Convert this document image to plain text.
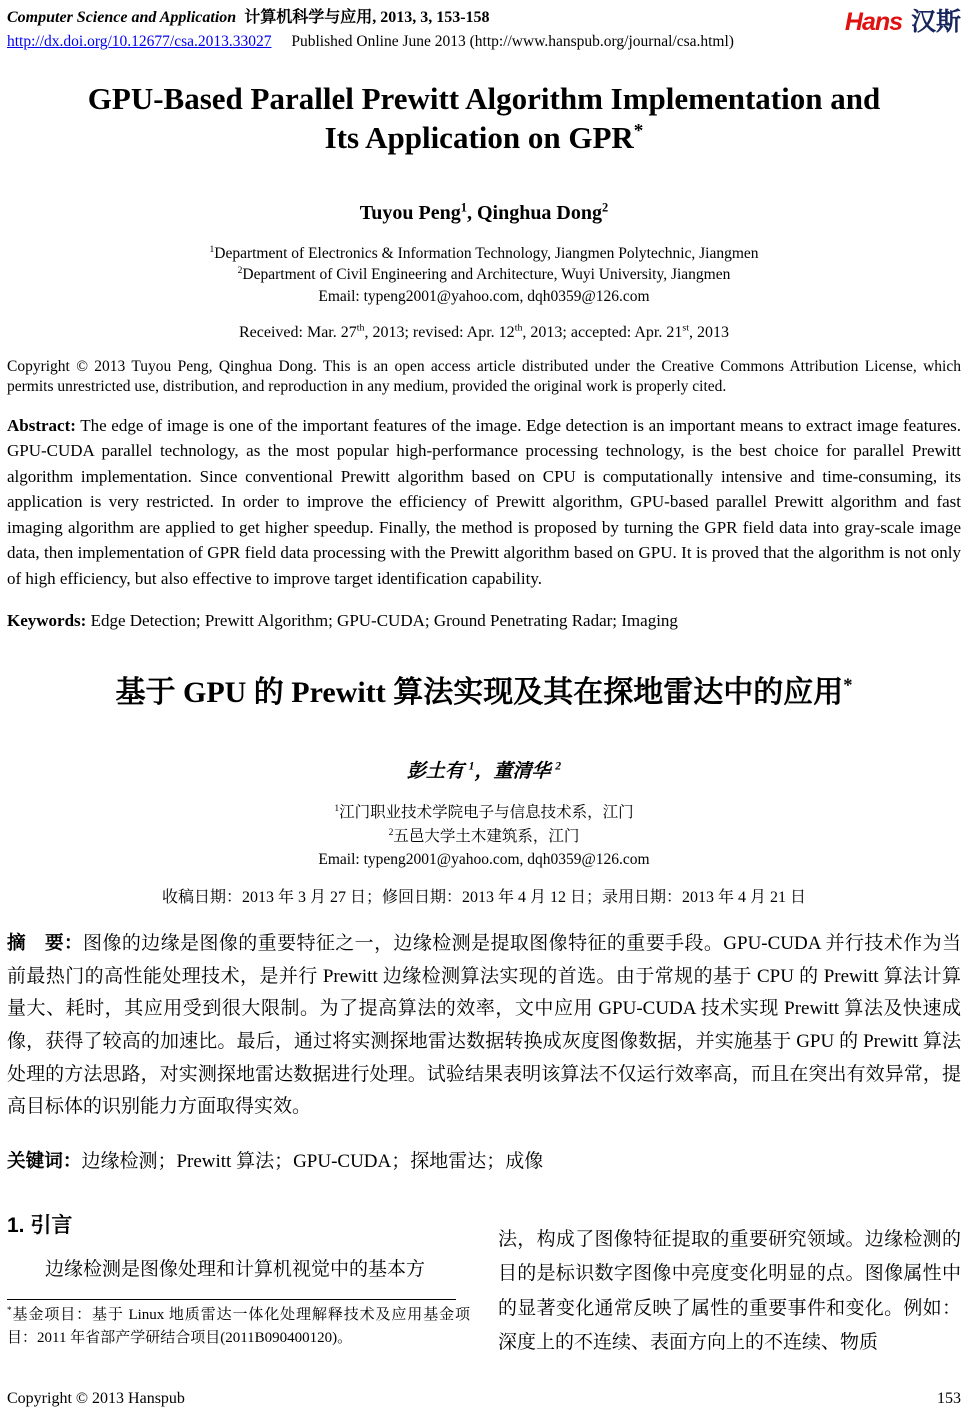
Computer Science and Application 计算机科学与应用, 2013, 3, 153-158
http://dx.doi.org/10.12677/csa.2013.33027 Published Online June 2013 (http://www.hanspub.org/journal/csa.html)
Hans 汉斯
GPU-Based Parallel Prewitt Algorithm Implementation and
Its Application on GPR*
Tuyou Peng$^1$, Qinghua Dong$^2$
$^1$Department of Electronics & Information Technology, Jiangmen Polytechnic, Jiangmen
$^2$Department of Civil Engineering and Architecture, Wuyi University, Jiangmen
Email: typeng2001@yahoo.com, dqh0359@126.com
Received: Mar. 27th, 2013; revised: Apr. 12th, 2013; accepted: Apr. 21st, 2013
Copyright © 2013 Tuyou Peng, Qinghua Dong. This is an open access article distributed under the Creative Commons Attribution License, which permits unrestricted use, distribution, and reproduction in any medium, provided the original work is properly cited.
Abstract: The edge of image is one of the important features of the image. Edge detection is an important means to extract image features. GPU-CUDA parallel technology, as the most popular high-performance processing technology, is the best choice for parallel Prewitt algorithm implementation. Since conventional Prewitt algorithm based on CPU is computationally intensive and time-consuming, its application is very restricted. In order to improve the efficiency of Prewitt algorithm, GPU-based parallel Prewitt algorithm and fast imaging algorithm are applied to get higher speedup. Finally, the method is proposed by turning the GPR field data into gray-scale image data, then implementation of GPR field data processing with the Prewitt algorithm based on GPU. It is proved that the algorithm is not only of high efficiency, but also effective to improve target identification capability.
Keywords: Edge Detection; Prewitt Algorithm; GPU-CUDA; Ground Penetrating Radar; Imaging
基于 GPU 的 Prewitt 算法实现及其在探地雷达中的应用*
彭土有 $^1$，董清华 $^2$
$^1$江门职业技术学院电子与信息技术系，江门
$^2$五邑大学土木建筑系，江门
Email: typeng2001@yahoo.com, dqh0359@126.com
收稿日期：2013 年 3 月 27 日；修回日期：2013 年 4 月 12 日；录用日期：2013 年 4 月 21 日
摘　要：图像的边缘是图像的重要特征之一，边缘检测是提取图像特征的重要手段。GPU-CUDA 并行技术作为当前最热门的高性能处理技术，是并行 Prewitt 边缘检测算法实现的首选。由于常规的基于 CPU 的 Prewitt 算法计算量大、耗时，其应用受到很大限制。为了提高算法的效率，文中应用 GPU-CUDA 技术实现 Prewitt 算法及快速成像，获得了较高的加速比。最后，通过将实测探地雷达数据转换成灰度图像数据，并实施基于 GPU 的 Prewitt 算法处理的方法思路，对实测探地雷达数据进行处理。试验结果表明该算法不仅运行效率高，而且在突出有效异常，提高目标体的识别能力方面取得实效。
关键词：边缘检测；Prewitt 算法；GPU-CUDA；探地雷达；成像
1. 引言
边缘检测是图像处理和计算机视觉中的基本方
*基金项目：基于 Linux 地质雷达一体化处理解释技术及应用基金项目：2011 年省部产学研结合项目(2011B090400120)。
法，构成了图像特征提取的重要研究领域。边缘检测的目的是标识数字图像中亮度变化明显的点。图像属性中的显著变化通常反映了属性的重要事件和变化。例如：深度上的不连续、表面方向上的不连续、物质
Copyright © 2013 Hanspub	153
